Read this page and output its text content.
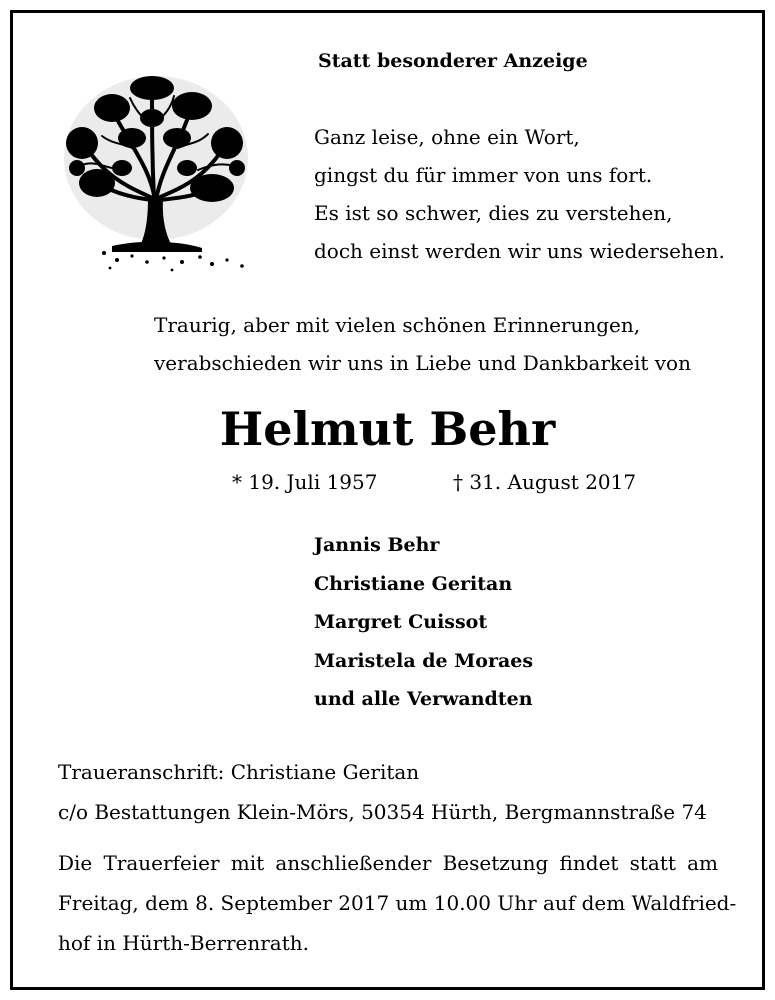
Statt besonderer Anzeige
Ganz leise, ohne ein Wort,
gingst du für immer von uns fort.
Es ist so schwer, dies zu verstehen,
doch einst werden wir uns wiedersehen.
Traurig, aber mit vielen schönen Erinnerungen,
verabschieden wir uns in Liebe und Dankbarkeit von
Helmut Behr
* 19. Juli 1957	† 31. August 2017
Jannis Behr
Christiane Geritan
Margret Cuissot
Maristela de Moraes
und alle Verwandten
Traueranschrift: Christiane Geritan
c/o Bestattungen Klein-Mörs, 50354 Hürth, Bergmannstraße 74
Die Trauerfeier mit anschließender Besetzung findet statt am
Freitag, dem 8. September 2017 um 10.00 Uhr auf dem Waldfried-
hof in Hürth-Berrenrath.
